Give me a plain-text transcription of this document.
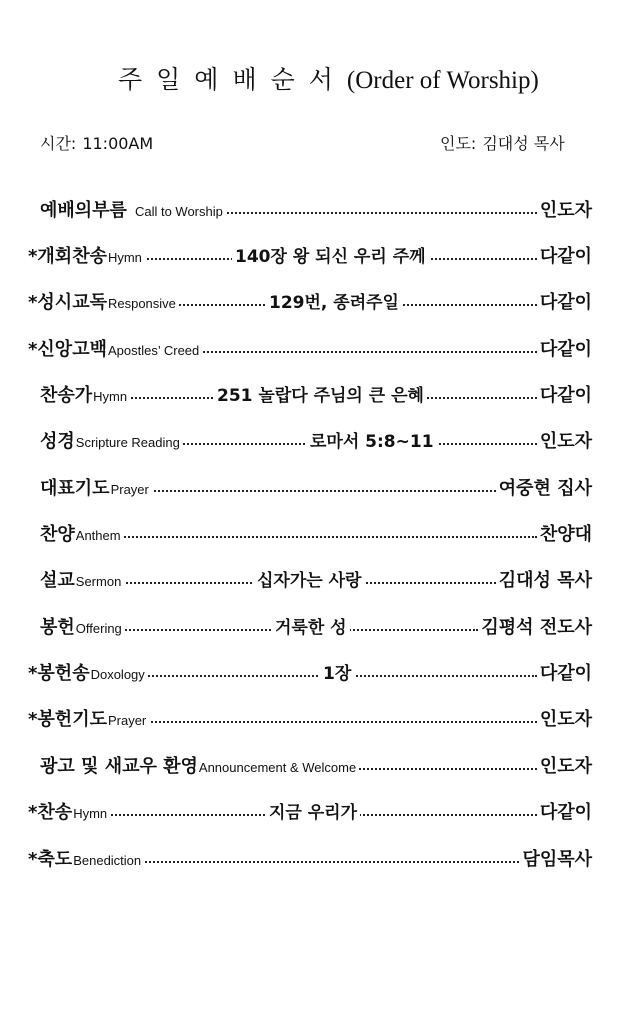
주일예배순서(Order of Worship)
시간: 11:00AM	인도: 김대성 목사
예배의부름 Call to Worship	인도자
*개회찬송Hymn	140장 왕 되신 우리 주께	다같이
*성시교독Responsive	129번, 종려주일	다같이
*신앙고백Apostles’ Creed	다같이
찬송가Hymn	251 놀랍다 주님의 큰 은혜	다같이
성경Scripture Reading	로마서 5:8~11	인도자
대표기도Prayer	여중현 집사
찬양Anthem	찬양대
설교Sermon	십자가는 사랑	김대성 목사
봉헌Offering	거룩한 성	김평석 전도사
*봉헌송Doxology	1장	다같이
*봉헌기도Prayer	인도자
광고 및 새교우 환영Announcement & Welcome	인도자
*찬송Hymn	지금 우리가	다같이
*축도Benediction	담임목사
